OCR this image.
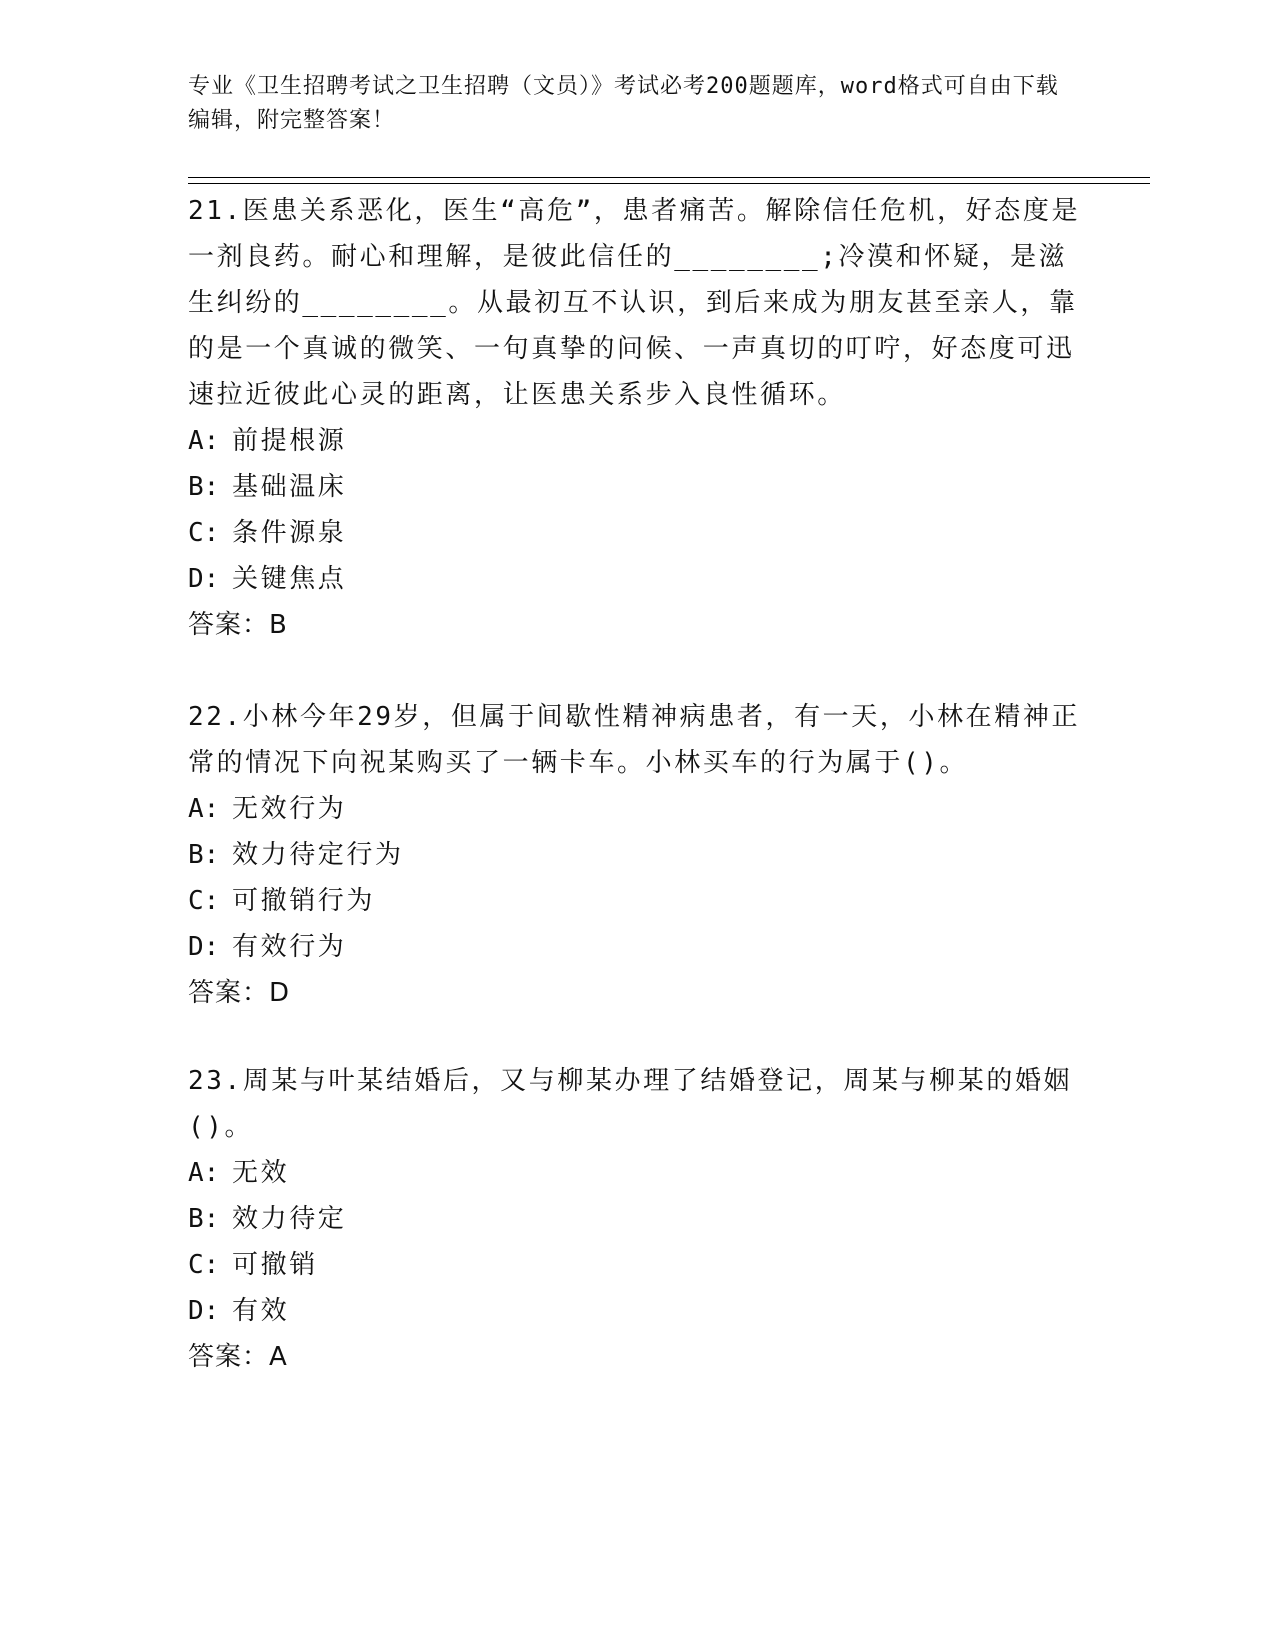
专业《卫生招聘考试之卫生招聘（文员）》考试必考200题题库，word格式可自由下载编辑，附完整答案！
21.医患关系恶化，医生“高危”，患者痛苦。解除信任危机，好态度是一剂良药。耐心和理解，是彼此信任的________;冷漠和怀疑，是滋生纠纷的________。从最初互不认识，到后来成为朋友甚至亲人，靠的是一个真诚的微笑、一句真挚的问候、一声真切的叮咛，好态度可迅速拉近彼此心灵的距离，让医患关系步入良性循环。
A: 前提根源
B: 基础温床
C: 条件源泉
D: 关键焦点
答案：B
22.小林今年29岁，但属于间歇性精神病患者，有一天，小林在精神正常的情况下向祝某购买了一辆卡车。小林买车的行为属于()。
A: 无效行为
B: 效力待定行为
C: 可撤销行为
D: 有效行为
答案：D
23.周某与叶某结婚后，又与柳某办理了结婚登记，周某与柳某的婚姻()。
A: 无效
B: 效力待定
C: 可撤销
D: 有效
答案：A
